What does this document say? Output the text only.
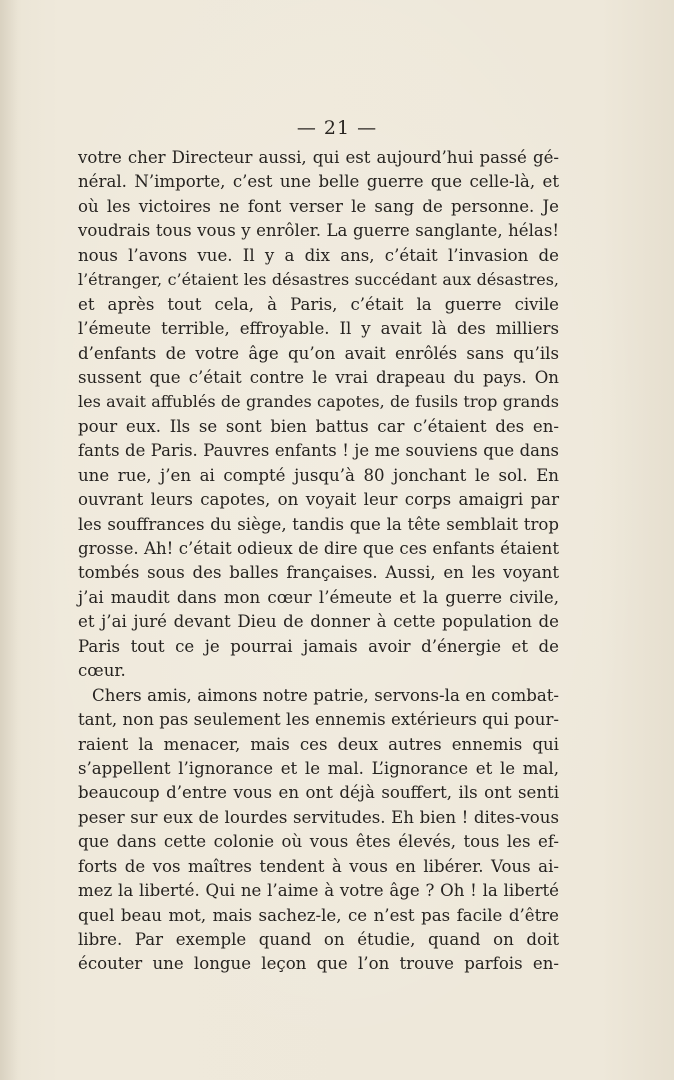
— 21 —
votre cher Directeur aussi, qui est aujourd’hui passé gé-
néral. N’importe, c’est une belle guerre que celle-là, et
où les victoires ne font verser le sang de personne. Je
voudrais tous vous y enrôler. La guerre sanglante, hélas!
nous l’avons vue. Il y a dix ans, c’était l’invasion de
l’étranger, c’étaient les désastres succédant aux désastres,
et après tout cela, à Paris, c’était la guerre civile
l’émeute terrible, effroyable. Il y avait là des milliers
d’enfants de votre âge qu’on avait enrôlés sans qu’ils
sussent que c’était contre le vrai drapeau du pays. On
les avait affublés de grandes capotes, de fusils trop grands
pour eux. Ils se sont bien battus car c’étaient des en-
fants de Paris. Pauvres enfants ! je me souviens que dans
une rue, j’en ai compté jusqu’à 80 jonchant le sol. En
ouvrant leurs capotes, on voyait leur corps amaigri par
les souffrances du siège, tandis que la tête semblait trop
grosse. Ah! c’était odieux de dire que ces enfants étaient
tombés sous des balles françaises. Aussi, en les voyant
j’ai maudit dans mon cœur l’émeute et la guerre civile,
et j’ai juré devant Dieu de donner à cette population de
Paris tout ce je pourrai jamais avoir d’énergie et de
cœur.
Chers amis, aimons notre patrie, servons-la en combat-
tant, non pas seulement les ennemis extérieurs qui pour-
raient la menacer, mais ces deux autres ennemis qui
s’appellent l’ignorance et le mal. L’ignorance et le mal,
beaucoup d’entre vous en ont déjà souffert, ils ont senti
peser sur eux de lourdes servitudes. Eh bien ! dites-vous
que dans cette colonie où vous êtes élevés, tous les ef-
forts de vos maîtres tendent à vous en libérer. Vous ai-
mez la liberté. Qui ne l’aime à votre âge ? Oh ! la liberté
quel beau mot, mais sachez-le, ce n’est pas facile d’être
libre. Par exemple quand on étudie, quand on doit
écouter une longue leçon que l’on trouve parfois en-
